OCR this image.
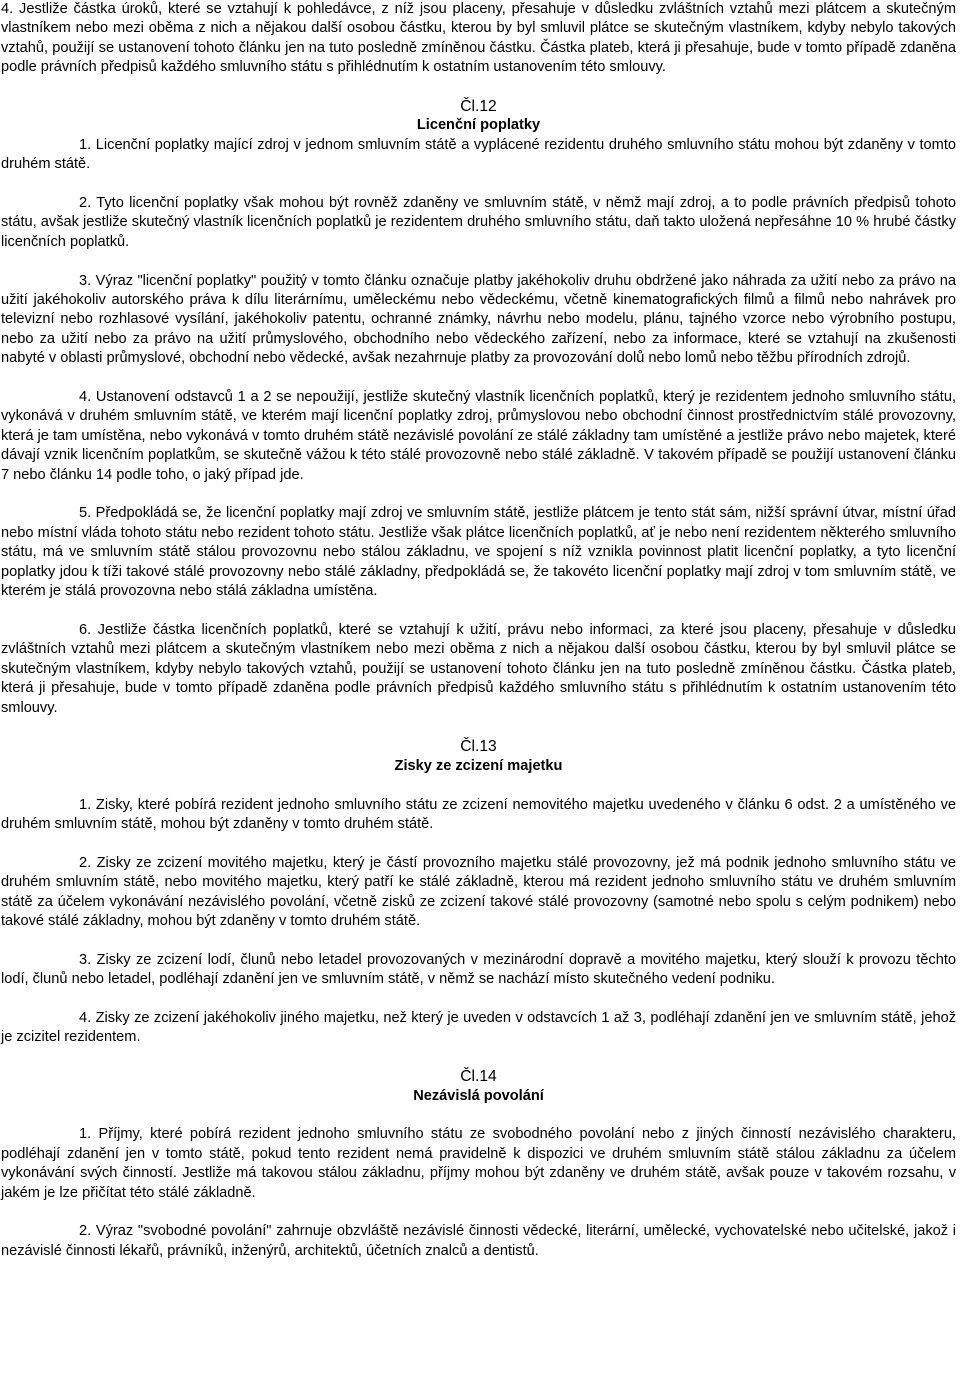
4. Jestliže částka úroků, které se vztahují k pohledávce, z níž jsou placeny, přesahuje v důsledku zvláštních vztahů mezi plátcem a skutečným vlastníkem nebo mezi oběma z nich a nějakou další osobou částku, kterou by byl smluvil plátce se skutečným vlastníkem, kdyby nebylo takových vztahů, použijí se ustanovení tohoto článku jen na tuto posledně zmíněnou částku. Částka plateb, která ji přesahuje, bude v tomto případě zdaněna podle právních předpisů každého smluvního státu s přihlédnutím k ostatním ustanovením této smlouvy.

Čl.12
Licenční poplatky

1. Licenční poplatky mající zdroj v jednom smluvním státě a vyplácené rezidentu druhého smluvního státu mohou být zdaněny v tomto druhém státě.

2. Tyto licenční poplatky však mohou být rovněž zdaněny ve smluvním státě, v němž mají zdroj, a to podle právních předpisů tohoto státu, avšak jestliže skutečný vlastník licenčních poplatků je rezidentem druhého smluvního státu, daň takto uložená nepřesáhne 10 % hrubé částky licenčních poplatků.

3. Výraz "licenční poplatky" použitý v tomto článku označuje platby jakéhokoliv druhu obdržené jako náhrada za užití nebo za právo na užití jakéhokoliv autorského práva k dílu literárnímu, uměleckému nebo vědeckému, včetně kinematografických filmů a filmů nebo nahrávek pro televizní nebo rozhlasové vysílání, jakéhokoliv patentu, ochranné známky, návrhu nebo modelu, plánu, tajného vzorce nebo výrobního postupu, nebo za užití nebo za právo na užití průmyslového, obchodního nebo vědeckého zařízení, nebo za informace, které se vztahují na zkušenosti nabyté v oblasti průmyslové, obchodní nebo vědecké, avšak nezahrnuje platby za provozování dolů nebo lomů nebo těžbu přírodních zdrojů.

4. Ustanovení odstavců 1 a 2 se nepoužijí, jestliže skutečný vlastník licenčních poplatků, který je rezidentem jednoho smluvního státu, vykonává v druhém smluvním státě, ve kterém mají licenční poplatky zdroj, průmyslovou nebo obchodní činnost prostřednictvím stálé provozovny, která je tam umístěna, nebo vykonává v tomto druhém státě nezávislé povolání ze stálé základny tam umístěné a jestliže právo nebo majetek, které dávají vznik licenčním poplatkům, se skutečně vážou k této stálé provozovně nebo stálé základně. V takovém případě se použijí ustanovení článku 7 nebo článku 14 podle toho, o jaký případ jde.

5. Předpokládá se, že licenční poplatky mají zdroj ve smluvním státě, jestliže plátcem je tento stát sám, nižší správní útvar, místní úřad nebo místní vláda tohoto státu nebo rezident tohoto státu. Jestliže však plátce licenčních poplatků, ať je nebo není rezidentem některého smluvního státu, má ve smluvním státě stálou provozovnu nebo stálou základnu, ve spojení s níž vznikla povinnost platit licenční poplatky, a tyto licenční poplatky jdou k tíži takové stálé provozovny nebo stálé základny, předpokládá se, že takovéto licenční poplatky mají zdroj v tom smluvním státě, ve kterém je stálá provozovna nebo stálá základna umístěna.

6. Jestliže částka licenčních poplatků, které se vztahují k užití, právu nebo informaci, za které jsou placeny, přesahuje v důsledku zvláštních vztahů mezi plátcem a skutečným vlastníkem nebo mezi oběma z nich a nějakou další osobou částku, kterou by byl smluvil plátce se skutečným vlastníkem, kdyby nebylo takových vztahů, použijí se ustanovení tohoto článku jen na tuto posledně zmíněnou částku. Částka plateb, která ji přesahuje, bude v tomto případě zdaněna podle právních předpisů každého smluvního státu s přihlédnutím k ostatním ustanovením této smlouvy.

Čl.13
Zisky ze zcizení majetku

1. Zisky, které pobírá rezident jednoho smluvního státu ze zcizení nemovitého majetku uvedeného v článku 6 odst. 2 a umístěného ve druhém smluvním státě, mohou být zdaněny v tomto druhém státě.

2. Zisky ze zcizení movitého majetku, který je částí provozního majetku stálé provozovny, jež má podnik jednoho smluvního státu ve druhém smluvním státě, nebo movitého majetku, který patří ke stálé základně, kterou má rezident jednoho smluvního státu ve druhém smluvním státě za účelem vykonávání nezávislého povolání, včetně zisků ze zcizení takové stálé provozovny (samotné nebo spolu s celým podnikem) nebo takové stálé základny, mohou být zdaněny v tomto druhém státě.

3. Zisky ze zcizení lodí, člunů nebo letadel provozovaných v mezinárodní dopravě a movitého majetku, který slouží k provozu těchto lodí, člunů nebo letadel, podléhají zdanění jen ve smluvním státě, v němž se nachází místo skutečného vedení podniku.

4. Zisky ze zcizení jakéhokoliv jiného majetku, než který je uveden v odstavcích 1 až 3, podléhají zdanění jen ve smluvním státě, jehož je zcizitel rezidentem.

Čl.14
Nezávislá povolání

1. Příjmy, které pobírá rezident jednoho smluvního státu ze svobodného povolání nebo z jiných činností nezávislého charakteru, podléhají zdanění jen v tomto státě, pokud tento rezident nemá pravidelně k dispozici ve druhém smluvním státě stálou základnu za účelem vykonávání svých činností. Jestliže má takovou stálou základnu, příjmy mohou být zdaněny ve druhém státě, avšak pouze v takovém rozsahu, v jakém je lze přičítat této stálé základně.

2. Výraz "svobodné povolání" zahrnuje obzvláště nezávislé činnosti vědecké, literární, umělecké, vychovatelské nebo učitelské, jakož i nezávislé činnosti lékařů, právníků, inženýrů, architektů, účetních znalců a dentistů.
